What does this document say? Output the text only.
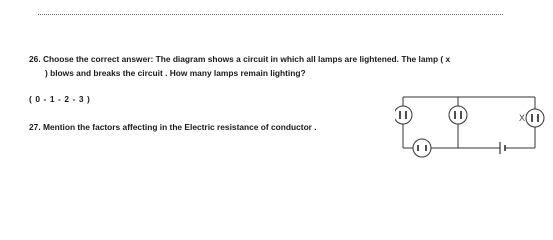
26. Choose the correct answer: The diagram shows a circuit in which all lamps are lightened. The lamp ( x
) blows and breaks the circuit . How many lamps remain lighting?
( 0 - 1 - 2 - 3 )
27. Mention the factors affecting in the Electric resistance of conductor .
X
